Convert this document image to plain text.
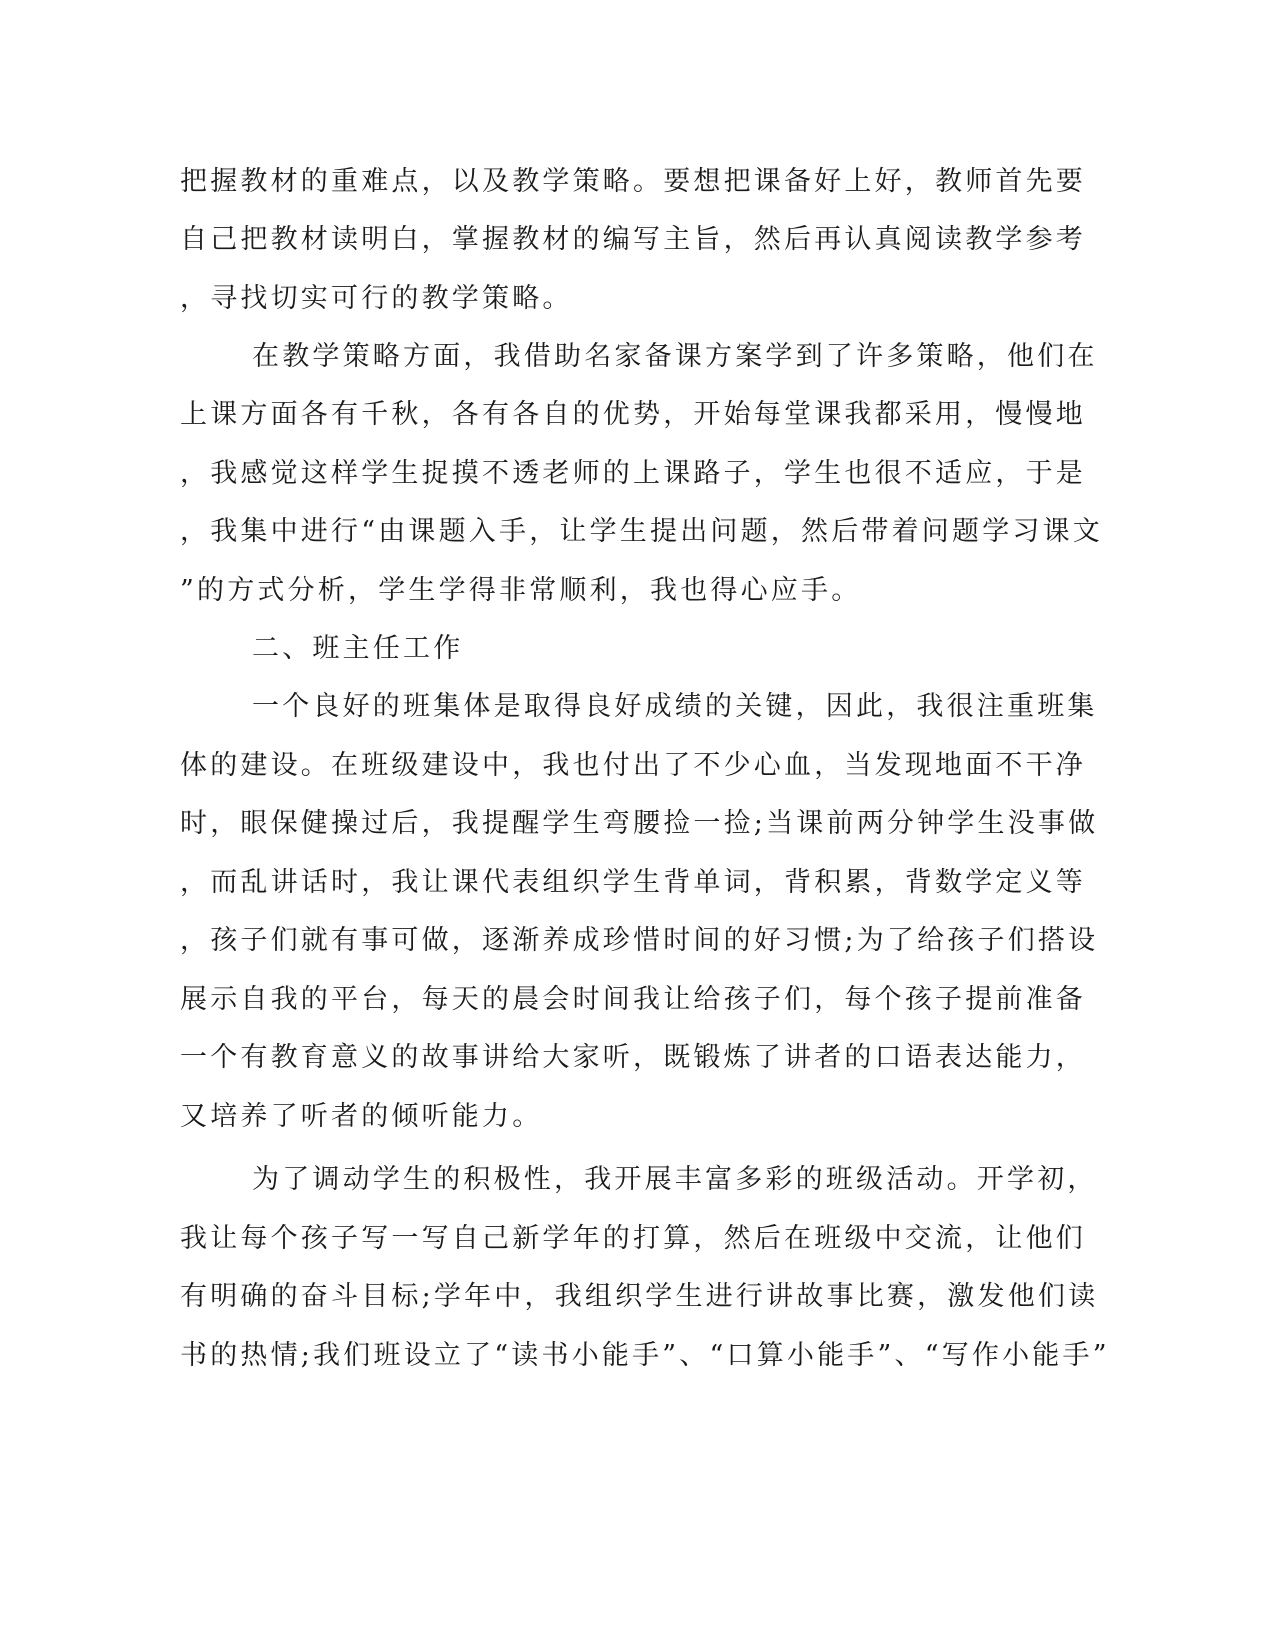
把握教材的重难点，以及教学策略。要想把课备好上好，教师首先要
自己把教材读明白，掌握教材的编写主旨，然后再认真阅读教学参考
，寻找切实可行的教学策略。
在教学策略方面，我借助名家备课方案学到了许多策略，他们在
上课方面各有千秋，各有各自的优势，开始每堂课我都采用，慢慢地
，我感觉这样学生捉摸不透老师的上课路子，学生也很不适应，于是
，我集中进行“由课题入手，让学生提出问题，然后带着问题学习课文
”的方式分析，学生学得非常顺利，我也得心应手。
二、班主任工作
一个良好的班集体是取得良好成绩的关键，因此，我很注重班集
体的建设。在班级建设中，我也付出了不少心血，当发现地面不干净
时，眼保健操过后，我提醒学生弯腰捡一捡;当课前两分钟学生没事做
，而乱讲话时，我让课代表组织学生背单词，背积累，背数学定义等
，孩子们就有事可做，逐渐养成珍惜时间的好习惯;为了给孩子们搭设
展示自我的平台，每天的晨会时间我让给孩子们，每个孩子提前准备
一个有教育意义的故事讲给大家听，既锻炼了讲者的口语表达能力，
又培养了听者的倾听能力。
为了调动学生的积极性，我开展丰富多彩的班级活动。开学初，
我让每个孩子写一写自己新学年的打算，然后在班级中交流，让他们
有明确的奋斗目标;学年中，我组织学生进行讲故事比赛，激发他们读
书的热情;我们班设立了“读书小能手”、“口算小能手”、“写作小能手”
